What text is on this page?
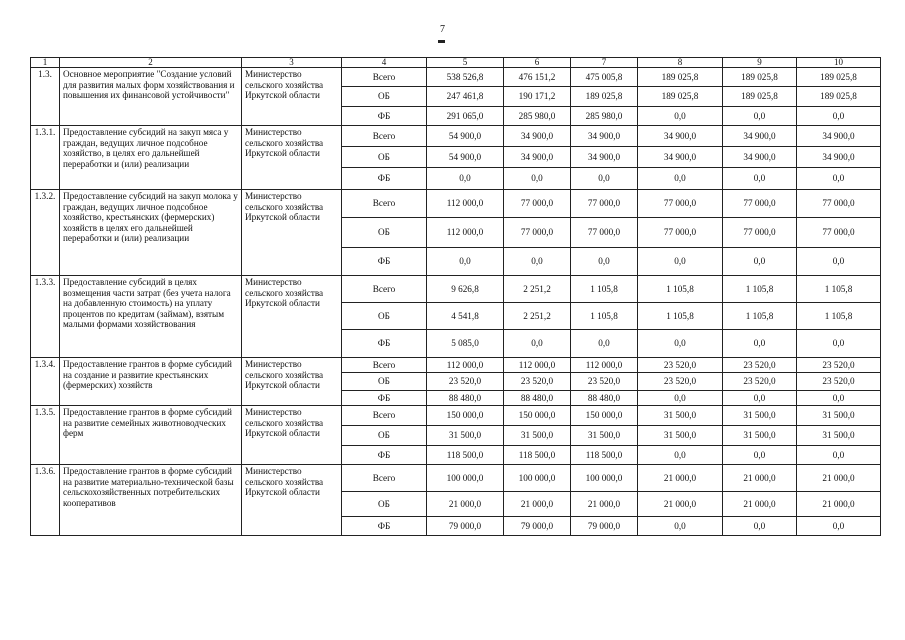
7
1	2	3	4	5	6	7	8	9	10
1.3.	Основное мероприятие "Создание условий для развития малых форм хозяйствования и повышения их финансовой устойчивости"	Министерство сельского хозяйства Иркутской области	Всего	538 526,8	476 151,2	475 005,8	189 025,8	189 025,8	189 025,8
			ОБ	247 461,8	190 171,2	189 025,8	189 025,8	189 025,8	189 025,8
			ФБ	291 065,0	285 980,0	285 980,0	0,0	0,0	0,0
1.3.1.	Предоставление субсидий на закуп мяса у граждан, ведущих личное подсобное хозяйство, в целях его дальнейшей переработки и (или) реализации	Министерство сельского хозяйства Иркутской области	Всего	54 900,0	34 900,0	34 900,0	34 900,0	34 900,0	34 900,0
			ОБ	54 900,0	34 900,0	34 900,0	34 900,0	34 900,0	34 900,0
			ФБ	0,0	0,0	0,0	0,0	0,0	0,0
1.3.2.	Предоставление субсидий на закуп молока у граждан, ведущих личное подсобное хозяйство, крестьянских (фермерских) хозяйств в целях его дальнейшей переработки и (или) реализации	Министерство сельского хозяйства Иркутской области	Всего	112 000,0	77 000,0	77 000,0	77 000,0	77 000,0	77 000,0
			ОБ	112 000,0	77 000,0	77 000,0	77 000,0	77 000,0	77 000,0
			ФБ	0,0	0,0	0,0	0,0	0,0	0,0
1.3.3.	Предоставление субсидий в целях возмещения части затрат (без учета налога на добавленную стоимость) на уплату процентов по кредитам (займам), взятым малыми формами хозяйствования	Министерство сельского хозяйства Иркутской области	Всего	9 626,8	2 251,2	1 105,8	1 105,8	1 105,8	1 105,8
			ОБ	4 541,8	2 251,2	1 105,8	1 105,8	1 105,8	1 105,8
			ФБ	5 085,0	0,0	0,0	0,0	0,0	0,0
1.3.4.	Предоставление грантов в форме субсидий на создание и развитие крестьянских (фермерских) хозяйств	Министерство сельского хозяйства Иркутской области	Всего	112 000,0	112 000,0	112 000,0	23 520,0	23 520,0	23 520,0
			ОБ	23 520,0	23 520,0	23 520,0	23 520,0	23 520,0	23 520,0
			ФБ	88 480,0	88 480,0	88 480,0	0,0	0,0	0,0
1.3.5.	Предоставление грантов в форме субсидий на развитие семейных животноводческих ферм	Министерство сельского хозяйства Иркутской области	Всего	150 000,0	150 000,0	150 000,0	31 500,0	31 500,0	31 500,0
			ОБ	31 500,0	31 500,0	31 500,0	31 500,0	31 500,0	31 500,0
			ФБ	118 500,0	118 500,0	118 500,0	0,0	0,0	0,0
1.3.6.	Предоставление грантов в форме субсидий на развитие материально-технической базы сельскохозяйственных потребительских кооперативов	Министерство сельского хозяйства Иркутской области	Всего	100 000,0	100 000,0	100 000,0	21 000,0	21 000,0	21 000,0
			ОБ	21 000,0	21 000,0	21 000,0	21 000,0	21 000,0	21 000,0
			ФБ	79 000,0	79 000,0	79 000,0	0,0	0,0	0,0
